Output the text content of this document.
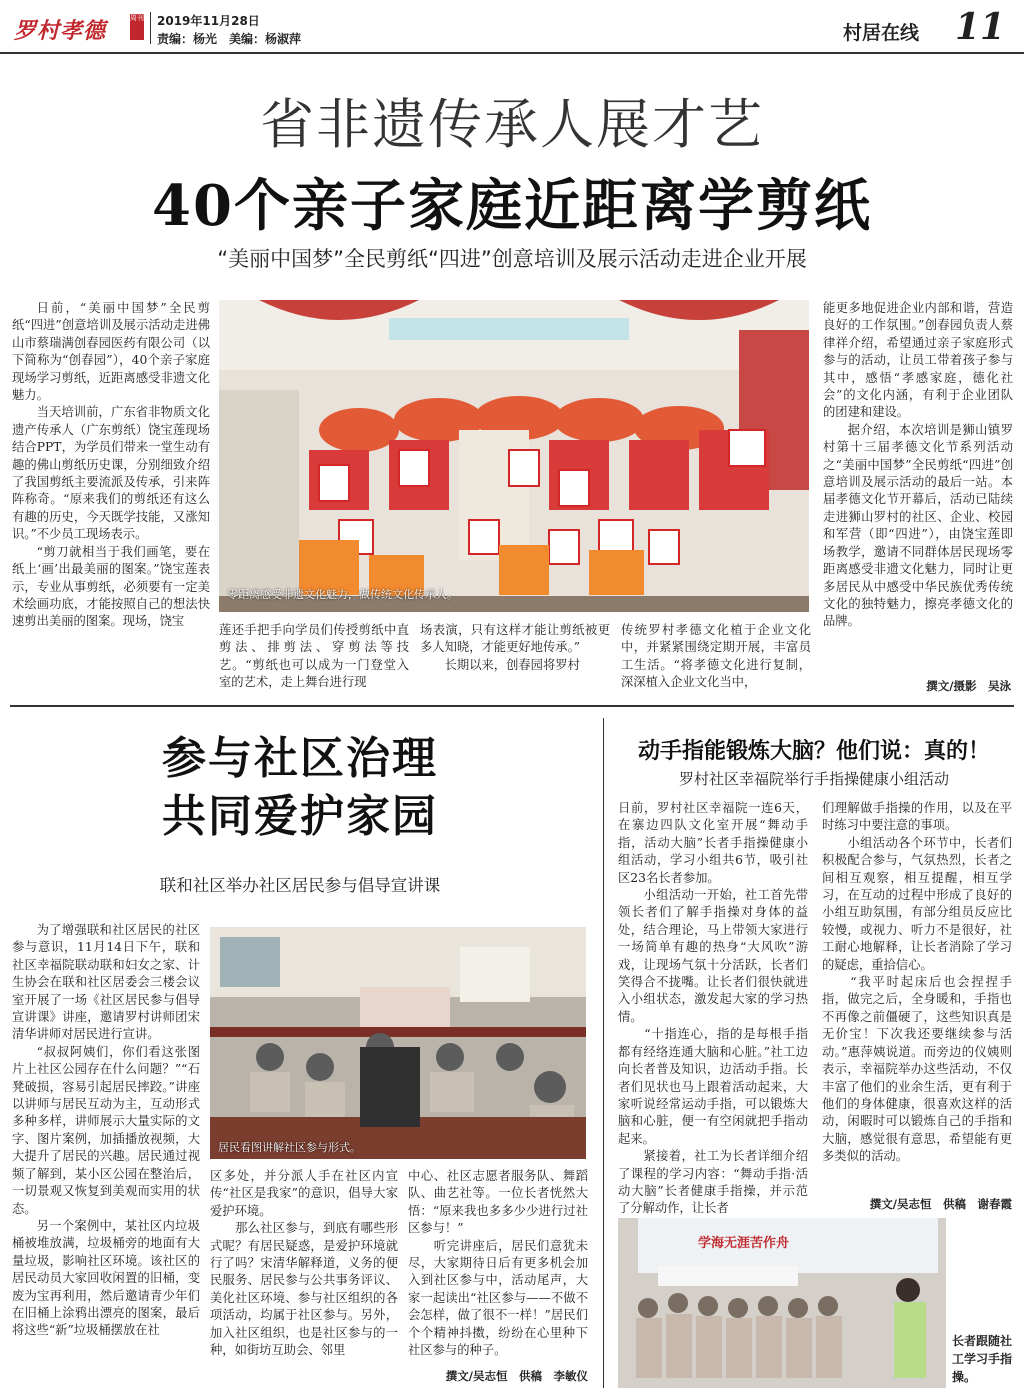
罗村孝德	周刊 2019年11月28日
责编：杨光　美编：杨淑萍	村居在线 11
省非遗传承人展才艺
40个亲子家庭近距离学剪纸
“美丽中国梦”全民剪纸“四进”创意培训及展示活动走进企业开展

日前，“美丽中国梦”全民剪纸“四进”创意培训及展示活动走进佛山市蔡瑞满创春园医药有限公司（以下简称为“创春园”），40个亲子家庭现场学习剪纸，近距离感受非遗文化魅力。

当天培训前，广东省非物质文化遗产传承人（广东剪纸）饶宝莲现场结合PPT，为学员们带来一堂生动有趣的佛山剪纸历史课，分别细致介绍了我国剪纸主要流派及传承，引来阵阵称奇。“原来我们的剪纸还有这么有趣的历史，今天既学技能，又涨知识。”不少员工现场表示。

“剪刀就相当于我们画笔，要在纸上‘画’出最美丽的图案。”饶宝莲表示，专业从事剪纸，必须要有一定美术绘画功底，才能按照自己的想法快速剪出美丽的图案。现场，饶宝

零距离感受非遗文化魅力，做传统文化传承人。
莲还手把手向学员们传授剪纸中直剪法、排剪法、穿剪法等技艺。“剪纸也可以成为一门登堂入室的艺术，走上舞台进行现
场表演，只有这样才能让剪纸被更多人知晓，才能更好地传承。”
　　长期以来，创春园将罗村
传统罗村孝德文化植于企业文化中，并紧紧围绕定期开展，丰富员工生活。“将孝德文化进行复制，深深植入企业文化当中，

能更多地促进企业内部和谐，营造良好的工作氛围。”创春园负责人蔡律祥介绍，希望通过亲子家庭形式参与的活动，让员工带着孩子参与其中，感悟“孝感家庭，德化社会”的文化内涵，有利于企业团队的团建和建设。

据介绍，本次培训是狮山镇罗村第十三届孝德文化节系列活动之“美丽中国梦”全民剪纸“四进”创意培训及展示活动的最后一站。本届孝德文化节开幕后，活动已陆续走进狮山罗村的社区、企业、校园和军营（即“四进”），由饶宝莲即场教学，邀请不同群体居民现场零距离感受非遗文化魅力，同时让更多居民从中感受中华民族优秀传统文化的独特魅力，擦亮孝德文化的品牌。

撰文/摄影　吴泳
参与社区治理
共同爱护家园
联和社区举办社区居民参与倡导宣讲课

为了增强联和社区居民的社区参与意识，11月14日下午，联和社区幸福院联动联和妇女之家、计生协会在联和社区居委会三楼会议室开展了一场《社区居民参与倡导宣讲课》讲座，邀请罗村讲师团宋清华讲师对居民进行宣讲。

“叔叔阿姨们，你们看这张图片上社区公园存在什么问题？”“石凳破损，容易引起居民摔跤。”讲座以讲师与居民互动为主，互动形式多种多样，讲师展示大量实际的文字、图片案例，加插播放视频，大大提升了居民的兴趣。居民通过视频了解到，某小区公园在整治后，一切景观又恢复到美观而实用的状态。

另一个案例中，某社区内垃圾桶被堆放满，垃圾桶旁的地面有大量垃圾，影响社区环境。该社区的居民动员大家回收闲置的旧桶，变废为宝再利用，然后邀请青少年们在旧桶上涂鸦出漂亮的图案，最后将这些“新”垃圾桶摆放在社

居民看图讲解社区参与形式。
区多处，并分派人手在社区内宣传“社区是我家”的意识，倡导大家爱护环境。
　　那么社区参与，到底有哪些形式呢？有居民疑惑，是爱护环境就行了吗？宋清华解释道，义务的便民服务、居民参与公共事务评议、美化社区环境、参与社区组织的各项活动，均属于社区参与。另外，加入社区组织，也是社区参与的一种，如街坊互助会、邻里
中心、社区志愿者服务队、舞蹈队、曲艺社等。一位长者恍然大悟：“原来我也多多少少进行过社区参与！”
　　听完讲座后，居民们意犹未尽，大家期待日后有更多机会加入到社区参与中，活动尾声，大家一起读出“社区参与——不做不会怎样，做了很不一样！”居民们个个精神抖擞，纷纷在心里种下社区参与的种子。
撰文/吴志恒　供稿　李敏仪
动手指能锻炼大脑？他们说：真的！
罗村社区幸福院举行手指操健康小组活动
日前，罗村社区幸福院一连6天，在寨边四队文化室开展“舞动手指，活动大脑”长者手指操健康小组活动，学习小组共6节，吸引社区23名长者参加。
　　小组活动一开始，社工首先带领长者们了解手指操对身体的益处，结合理论，马上带领大家进行一场简单有趣的热身“大风吹”游戏，让现场气氛十分活跃，长者们笑得合不拢嘴。让长者们很快就进入小组状态，激发起大家的学习热情。
　　“十指连心，指的是每根手指都有经络连通大脑和心脏。”社工边向长者普及知识，边活动手指。长者们见状也马上跟着活动起来，大家听说经常运动手指，可以锻炼大脑和心脏，便一有空闲就把手指动起来。
　　紧接着，社工为长者详细介绍了课程的学习内容：“舞动手指·活动大脑”长者健康手指操，并示范了分解动作，让长者
们理解做手指操的作用，以及在平时练习中要注意的事项。
　　小组活动各个环节中，长者们积极配合参与，气氛热烈，长者之间相互观察，相互提醒，相互学习，在互动的过程中形成了良好的小组互助氛围，有部分组员反应比较慢，或视力、听力不是很好，社工耐心地解释，让长者消除了学习的疑虑，重拾信心。
　　“我平时起床后也会捏捏手指，做完之后，全身暖和，手指也不再像之前僵硬了，这些知识真是无价宝！下次我还要继续参与活动。”惠萍姨说道。而旁边的仪姨则表示，幸福院举办这些活动，不仅丰富了他们的业余生活，更有利于他们的身体健康，很喜欢这样的活动，闲暇时可以锻炼自己的手指和大脑，感觉很有意思，希望能有更多类似的活动。
撰文/吴志恒　供稿　谢春霞
学海无涯苦作舟
长者跟随社工学习手指操。
